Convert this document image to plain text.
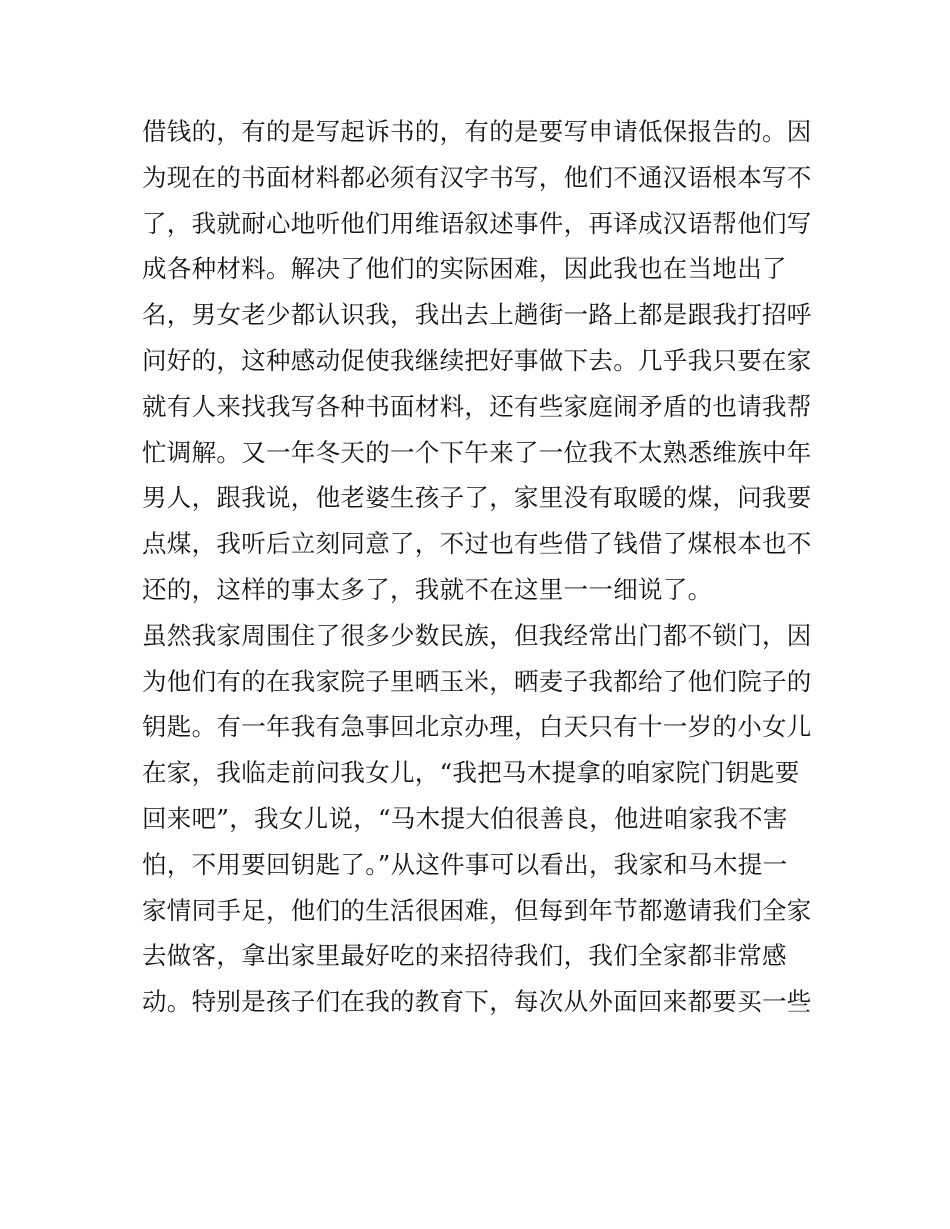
借钱的，有的是写起诉书的，有的是要写申请低保报告的。因
为现在的书面材料都必须有汉字书写，他们不通汉语根本写不
了，我就耐心地听他们用维语叙述事件，再译成汉语帮他们写
成各种材料。解决了他们的实际困难，因此我也在当地出了
名，男女老少都认识我，我出去上趟街一路上都是跟我打招呼
问好的，这种感动促使我继续把好事做下去。几乎我只要在家
就有人来找我写各种书面材料，还有些家庭闹矛盾的也请我帮
忙调解。又一年冬天的一个下午来了一位我不太熟悉维族中年
男人，跟我说，他老婆生孩子了，家里没有取暖的煤，问我要
点煤，我听后立刻同意了，不过也有些借了钱借了煤根本也不
还的，这样的事太多了，我就不在这里一一细说了。
虽然我家周围住了很多少数民族，但我经常出门都不锁门，因
为他们有的在我家院子里晒玉米，晒麦子我都给了他们院子的
钥匙。有一年我有急事回北京办理，白天只有十一岁的小女儿
在家，我临走前问我女儿，“我把马木提拿的咱家院门钥匙要
回来吧”，我女儿说，“马木提大伯很善良，他进咱家我不害
怕，不用要回钥匙了。”从这件事可以看出，我家和马木提一
家情同手足，他们的生活很困难，但每到年节都邀请我们全家
去做客，拿出家里最好吃的来招待我们，我们全家都非常感
动。特别是孩子们在我的教育下，每次从外面回来都要买一些
